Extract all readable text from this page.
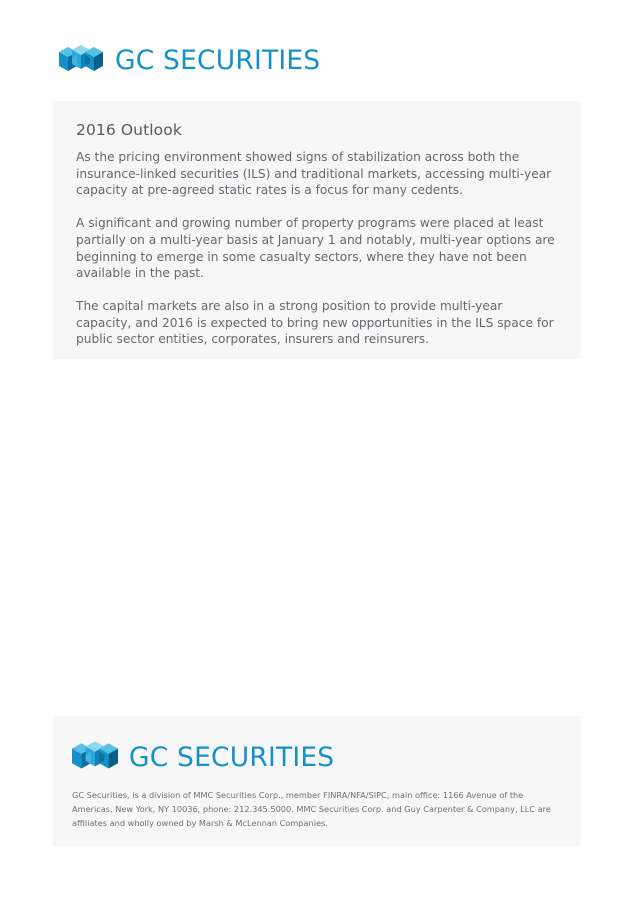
GC SECURITIES
2016 Outlook

As the pricing environment showed signs of stabilization across both the insurance-linked securities (ILS) and traditional markets, accessing multi-year capacity at pre-agreed static rates is a focus for many cedents.

A significant and growing number of property programs were placed at least partially on a multi-year basis at January 1 and notably, multi-year options are beginning to emerge in some casualty sectors, where they have not been available in the past.

The capital markets are also in a strong position to provide multi-year capacity, and 2016 is expected to bring new opportunities in the ILS space for public sector entities, corporates, insurers and reinsurers.

GC SECURITIES

GC Securities, is a division of MMC Securities Corp., member FINRA/NFA/SIPC, main office: 1166 Avenue of the Americas, New York, NY 10036, phone: 212.345.5000. MMC Securities Corp. and Guy Carpenter & Company, LLC are affiliates and wholly owned by Marsh & McLennan Companies.
